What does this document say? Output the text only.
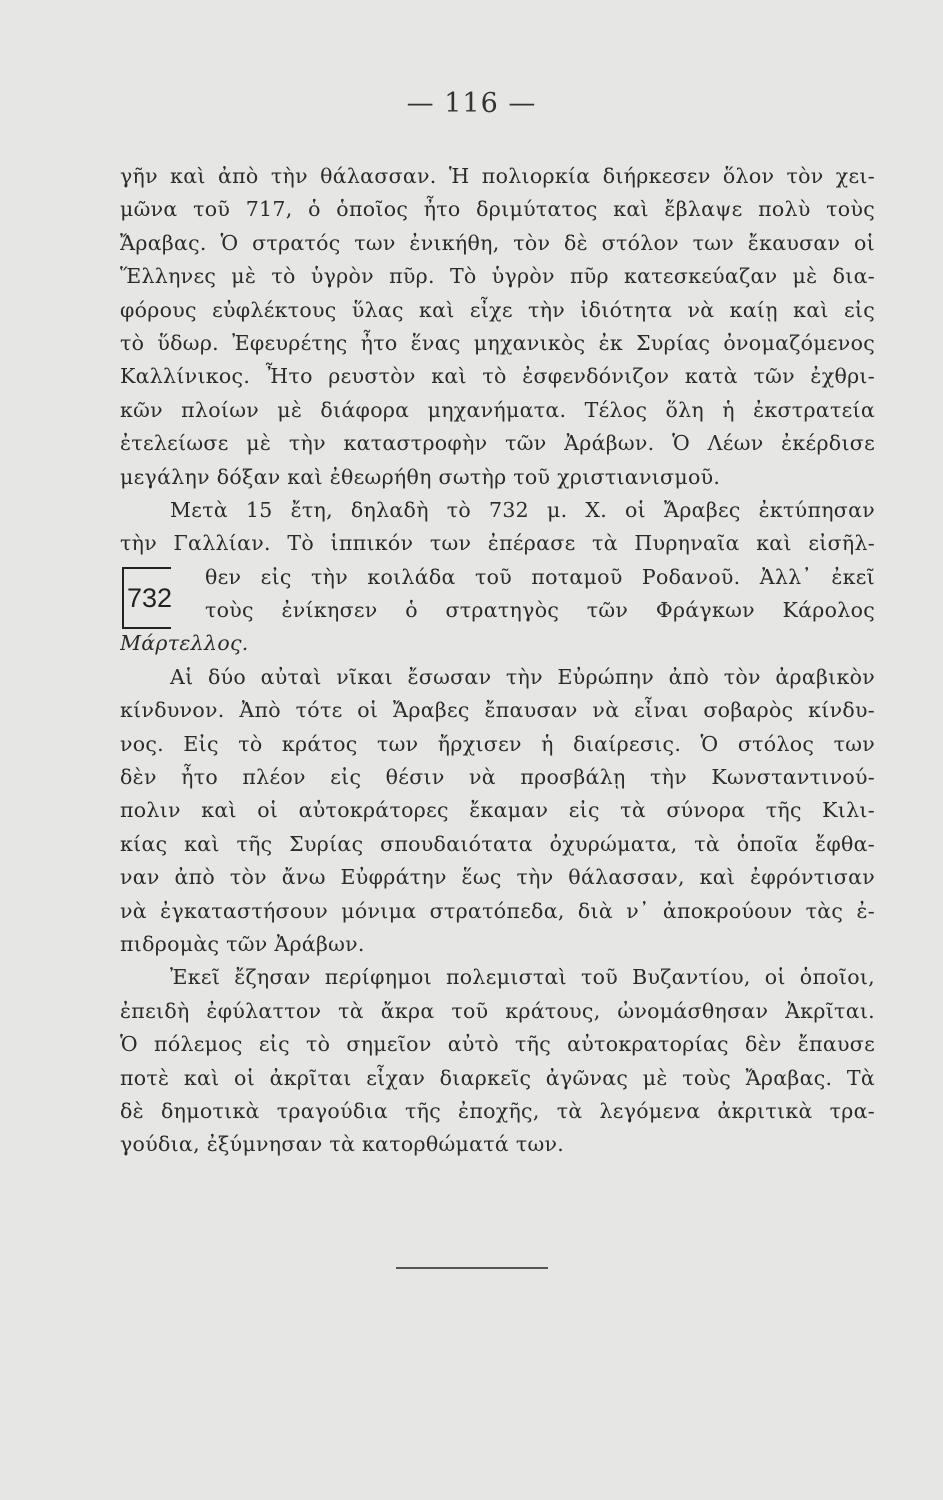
— 116 —
732
γῆν καὶ ἀπὸ τὴν θάλασσαν. Ἡ πολιορκία διήρκεσεν ὅλον τὸν χει-
μῶνα τοῦ 717, ὁ ὁποῖος ἦτο δριμύτατος καὶ ἔβλαψε πολὺ τοὺς
Ἄραβας. Ὁ στρατός των ἐνικήθη, τὸν δὲ στόλον των ἔκαυσαν οἱ
Ἕλληνες μὲ τὸ ὑγρὸν πῦρ. Τὸ ὑγρὸν πῦρ κατεσκεύαζαν μὲ δια-
φόρους εὐφλέκτους ὕλας καὶ εἶχε τὴν ἰδιότητα νὰ καίῃ καὶ εἰς
τὸ ὕδωρ. Ἐφευρέτης ἦτο ἕνας μηχανικὸς ἐκ Συρίας ὀνομαζόμενος
Καλλίνικος. Ἦτο ρευστὸν καὶ τὸ ἐσφενδόνιζον κατὰ τῶν ἐχθρι-
κῶν πλοίων μὲ διάφορα μηχανήματα. Τέλος ὅλη ἡ ἐκστρατεία
ἐτελείωσε μὲ τὴν καταστροφὴν τῶν Ἀράβων. Ὁ Λέων ἐκέρδισε
μεγάλην δόξαν καὶ ἐθεωρήθη σωτὴρ τοῦ χριστιανισμοῦ.
Μετὰ 15 ἔτη, δηλαδὴ τὸ 732 μ. Χ. οἱ Ἄραβες ἐκτύπησαν
τὴν Γαλλίαν. Τὸ ἱππικόν των ἐπέρασε τὰ Πυρηναῖα καὶ εἰσῆλ-
θεν εἰς τὴν κοιλάδα τοῦ ποταμοῦ Ροδανοῦ. Ἀλλ᾽ ἐκεῖ
τοὺς ἐνίκησεν ὁ στρατηγὸς τῶν Φράγκων Κάρολος
Μάρτελλος.
Αἱ δύο αὐταὶ νῖκαι ἔσωσαν τὴν Εὐρώπην ἀπὸ τὸν ἀραβικὸν
κίνδυνον. Ἀπὸ τότε οἱ Ἄραβες ἔπαυσαν νὰ εἶναι σοβαρὸς κίνδυ-
νος. Εἰς τὸ κράτος των ἤρχισεν ἡ διαίρεσις. Ὁ στόλος των
δὲν ἦτο πλέον εἰς θέσιν νὰ προσβάλῃ τὴν Κωνσταντινού-
πολιν καὶ οἱ αὐτοκράτορες ἔκαμαν εἰς τὰ σύνορα τῆς Κιλι-
κίας καὶ τῆς Συρίας σπουδαιότατα ὀχυρώματα, τὰ ὁποῖα ἔφθα-
ναν ἀπὸ τὸν ἄνω Εὐφράτην ἕως τὴν θάλασσαν, καὶ ἐφρόντισαν
νὰ ἐγκαταστήσουν μόνιμα στρατόπεδα, διὰ ν᾽ ἀποκρούουν τὰς ἐ-
πιδρομὰς τῶν Ἀράβων.
Ἐκεῖ ἔζησαν περίφημοι πολεμισταὶ τοῦ Βυζαντίου, οἱ ὁποῖοι,
ἐπειδὴ ἐφύλαττον τὰ ἄκρα τοῦ κράτους, ὠνομάσθησαν Ἀκρῖται.
Ὁ πόλεμος εἰς τὸ σημεῖον αὐτὸ τῆς αὐτοκρατορίας δὲν ἔπαυσε
ποτὲ καὶ οἱ ἀκρῖται εἶχαν διαρκεῖς ἀγῶνας μὲ τοὺς Ἄραβας. Τὰ
δὲ δημοτικὰ τραγούδια τῆς ἐποχῆς, τὰ λεγόμενα ἀκριτικὰ τρα-
γούδια, ἐξύμνησαν τὰ κατορθώματά των.
